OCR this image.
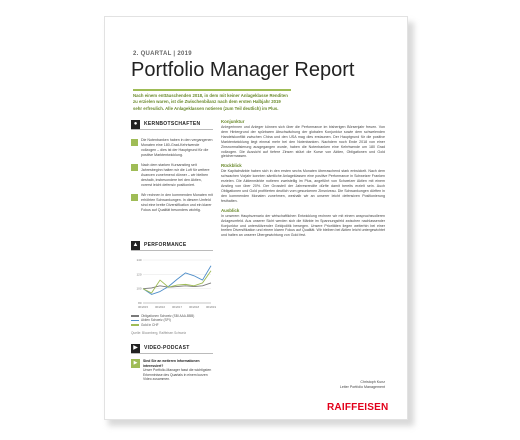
2. QUARTAL | 2019
Portfolio Manager Report
Nach einem enttäuschenden 2018, in dem mit keiner Anlageklasse Renditen zu erzielen waren, ist die Zwischenbilanz nach dem ersten Halbjahr 2019 sehr erfreulich. Alle Anlageklassen notieren (zum Teil deutlich) im Plus.
●	KERNBOTSCHAFTEN
Die Notenbanken haben in den vergangenen Monaten eine 180-Grad-Kehrtwende vollzogen – dies ist der Hauptgrund für die positive Marktentwicklung.
Nach dem starken Kursanstieg seit Jahresbeginn halten wir die Luft für weitere Avancen zunehmend dünner – wir bleiben deshalb, insbesondere bei den Aktien, vorerst leicht defensiv positioniert.
Wir rechnen in den kommenden Monaten mit erhöhten Schwankungen. In diesem Umfeld sind eine breite Diversifikation und ein klarer Fokus auf Qualität besonders wichtig.
▲	PERFORMANCE
140
120
100
80
06/2015 06/2016 06/2017 06/2018 06/2019
Obligationen Schweiz (SBI AAA-BBB)
Aktien Schweiz (SPI)
Gold in CHF
Quelle: Bloomberg, Raiffeisen Schweiz
▶	VIDEO-PODCAST
▶	Sind Sie an weiteren Informationen interessiert?
Unser Portfolio-Manager fasst die wichtigsten Erkenntnisse des Quartals in einem kurzen Video zusammen.
Konjunktur

Anlegerinnen und Anleger können sich über die Performance im bisherigen Börsenjahr freuen. Von dem Hintergrund der spürbaren Abschwächung der globalen Konjunktur sowie dem schwelenden Handelskonflikt zwischen China und den USA mag dies erstaunen. Der Hauptgrund für die positive Marktentwicklung liegt einmal mehr bei den Notenbanken. Nachdem noch Ende 2018 von einer Zinsnormalisierung ausgegangen wurde, haben die Notenbanken eine Kehrtwende um 180 Grad vollzogen. Die Aussicht auf tiefere Zinsen stützt die Kurse von Aktien, Obligationen und Gold gleichermassen.

Rückblick

Die Kapitalmärkte haben sich in den ersten sechs Monaten überraschend stark entwickelt. Nach dem schwachen Vorjahr konnten sämtliche Anlageklassen eine positive Performance in Schweizer Franken erzielen. Die Aktienmärkte notieren zweistellig im Plus, angeführt von Schweizer Aktien mit einem Anstieg von über 20%. Der Grossteil der Jahresrendite dürfte damit bereits erzielt sein. Auch Obligationen und Gold profitierten deutlich vom gesunkenen Zinsniveau. Die Schwankungen dürften in den kommenden Monaten zunehmen, weshalb wir an unserer leicht defensiven Positionierung festhalten.

Ausblick

In unserem Hauptszenario der wirtschaftlichen Entwicklung rechnen wir mit einem anspruchsvolleren Anlageumfeld. Aus unserer Sicht werden sich die Märkte im Spannungsfeld zwischen nachlassender Konjunktur und unterstützender Geldpolitik bewegen. Unsere Prioritäten liegen weiterhin bei einer breiten Diversifikation und einem klaren Fokus auf Qualität. Wir bleiben bei Aktien leicht untergewichtet und halten an unserer Übergewichtung von Gold fest.

Christoph Kunz
Leiter Portfolio Management
RAIFFEISEN
